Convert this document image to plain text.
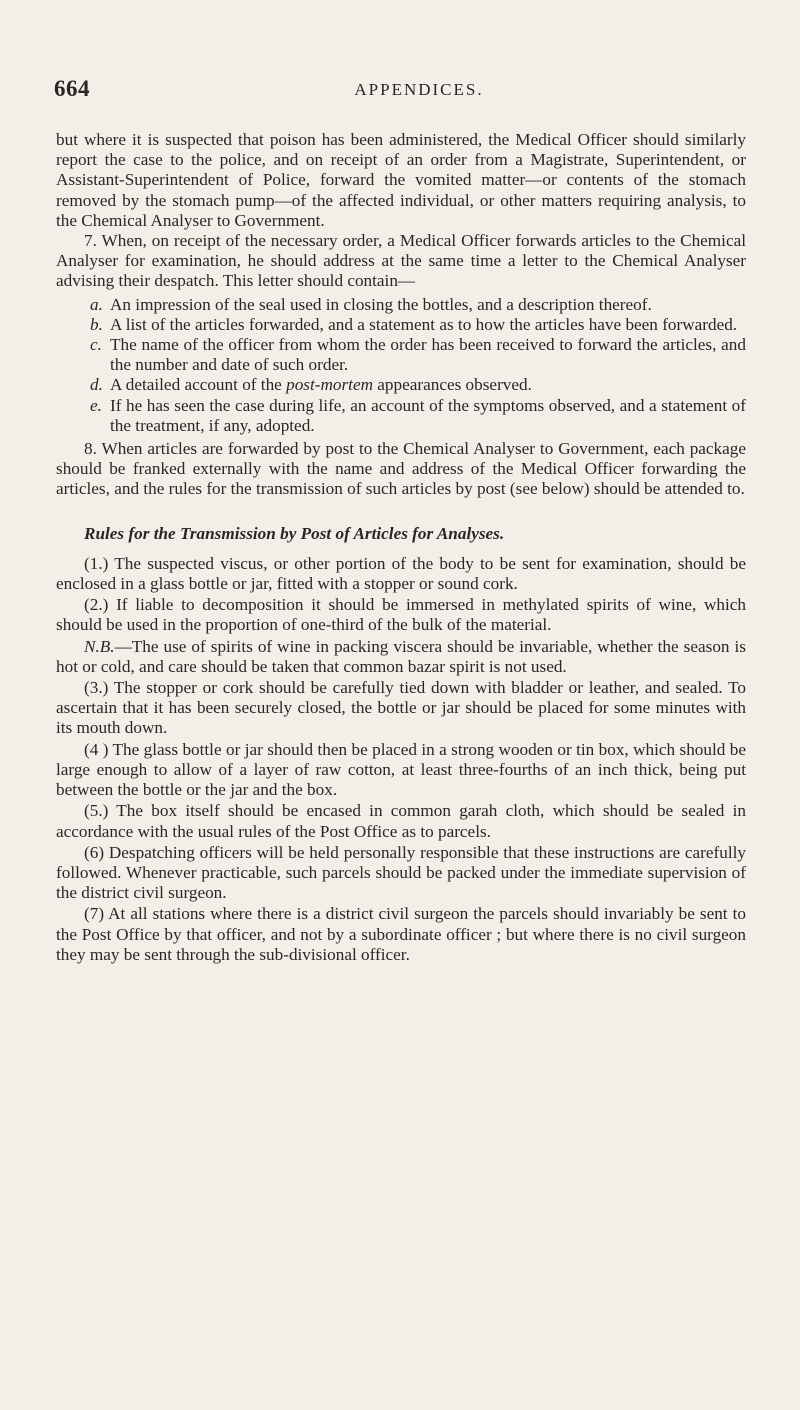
664	APPENDICES.

but where it is suspected that poison has been administered, the Medical Officer should similarly report the case to the police, and on receipt of an order from a Magistrate, Superintendent, or Assistant-Superintendent of Police, forward the vomited matter—or contents of the stomach removed by the stomach pump—of the affected individual, or other matters requiring analysis, to the Chemical Analyser to Government.

7. When, on receipt of the necessary order, a Medical Officer forwards articles to the Chemical Analyser for examination, he should address at the same time a letter to the Chemical Analyser advising their despatch. This letter should contain—

a. An impression of the seal used in closing the bottles, and a description thereof.

b. A list of the articles forwarded, and a statement as to how the articles have been forwarded.

c. The name of the officer from whom the order has been received to forward the articles, and the number and date of such order.

d. A detailed account of the post-mortem appearances observed.

e. If he has seen the case during life, an account of the symptoms observed, and a statement of the treatment, if any, adopted.

8. When articles are forwarded by post to the Chemical Analyser to Government, each package should be franked externally with the name and address of the Medical Officer forwarding the articles, and the rules for the transmission of such articles by post (see below) should be attended to.

Rules for the Transmission by Post of Articles for Analyses.

(1.) The suspected viscus, or other portion of the body to be sent for examination, should be enclosed in a glass bottle or jar, fitted with a stopper or sound cork.

(2.) If liable to decomposition it should be immersed in methylated spirits of wine, which should be used in the proportion of one-third of the bulk of the material.

N.B.—The use of spirits of wine in packing viscera should be invariable, whether the season is hot or cold, and care should be taken that common bazar spirit is not used.

(3.) The stopper or cork should be carefully tied down with bladder or leather, and sealed. To ascertain that it has been securely closed, the bottle or jar should be placed for some minutes with its mouth down.

(4 ) The glass bottle or jar should then be placed in a strong wooden or tin box, which should be large enough to allow of a layer of raw cotton, at least three-fourths of an inch thick, being put between the bottle or the jar and the box.

(5.) The box itself should be encased in common garah cloth, which should be sealed in accordance with the usual rules of the Post Office as to parcels.

(6) Despatching officers will be held personally responsible that these instructions are carefully followed. Whenever practicable, such parcels should be packed under the immediate supervision of the district civil surgeon.

(7) At all stations where there is a district civil surgeon the parcels should invariably be sent to the Post Office by that officer, and not by a subordinate officer ; but where there is no civil surgeon they may be sent through the sub-divisional officer.
